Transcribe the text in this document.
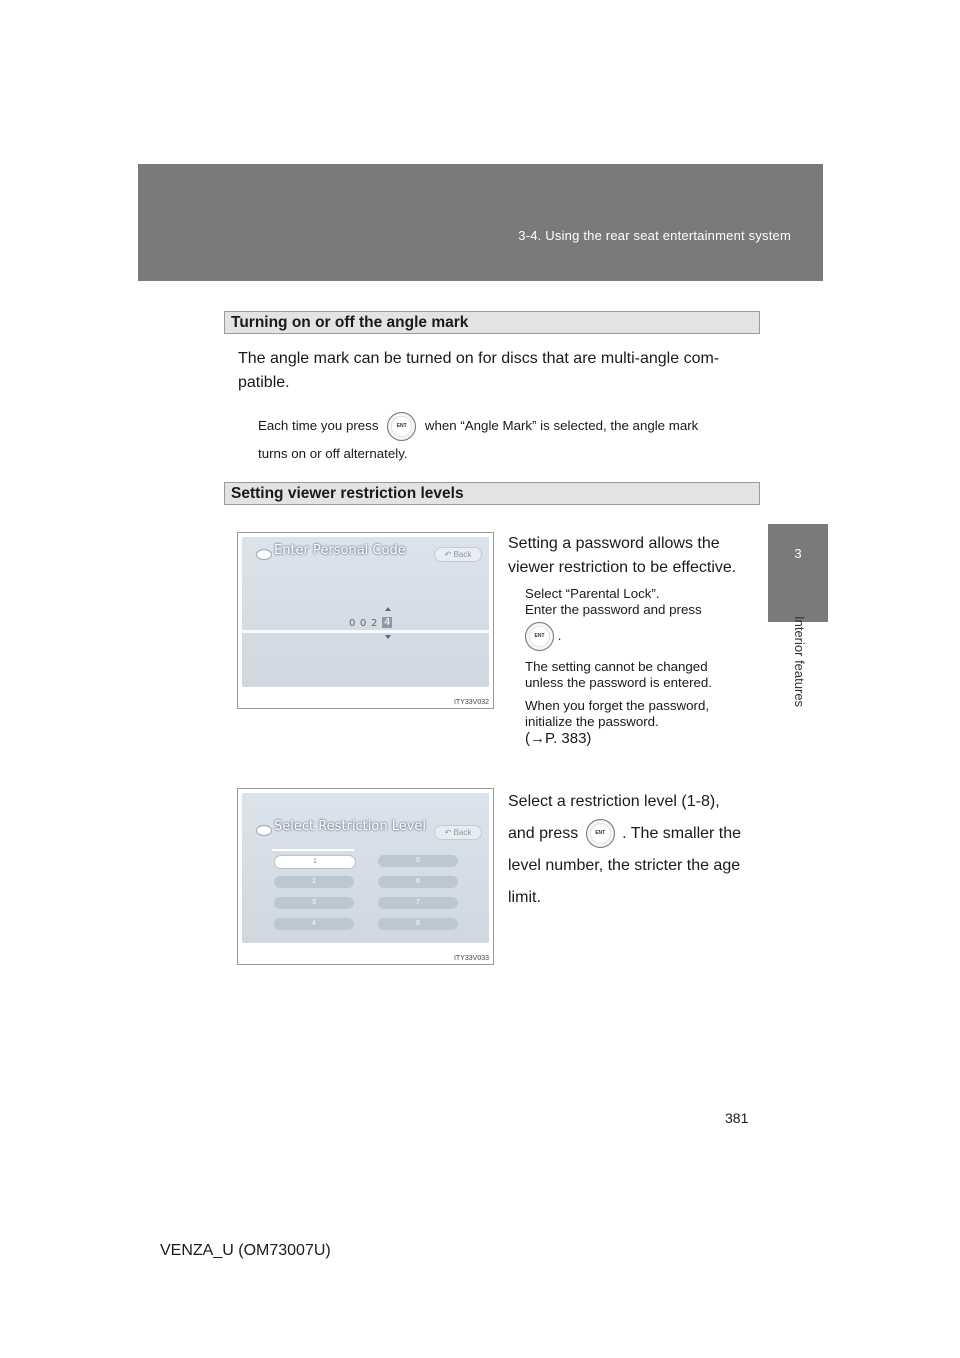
3-4. Using the rear seat entertainment system
3
Interior features
Turning on or off the angle mark
The angle mark can be turned on for discs that are multi-angle com-
patible.
Each time you press	ENT when “Angle Mark” is selected, the angle mark
turns on or off alternately.
Setting viewer restriction levels
Enter Personal Code	↶ Back
0 0 2 4
ITY33V032
Setting a password allows the
viewer restriction to be effective.
Select “Parental Lock”.
Enter the password and press
ENT .
The setting cannot be changed
unless the password is entered.
When you forget the password,
initialize the password.
(→P. 383)
Select Restriction Level	↶ Back
1
2
3
4
5
6
7
8
ITY33V033
Select a restriction level (1-8),
and press	ENT . The smaller the
level number, the stricter the age
limit.
381
VENZA_U (OM73007U)
